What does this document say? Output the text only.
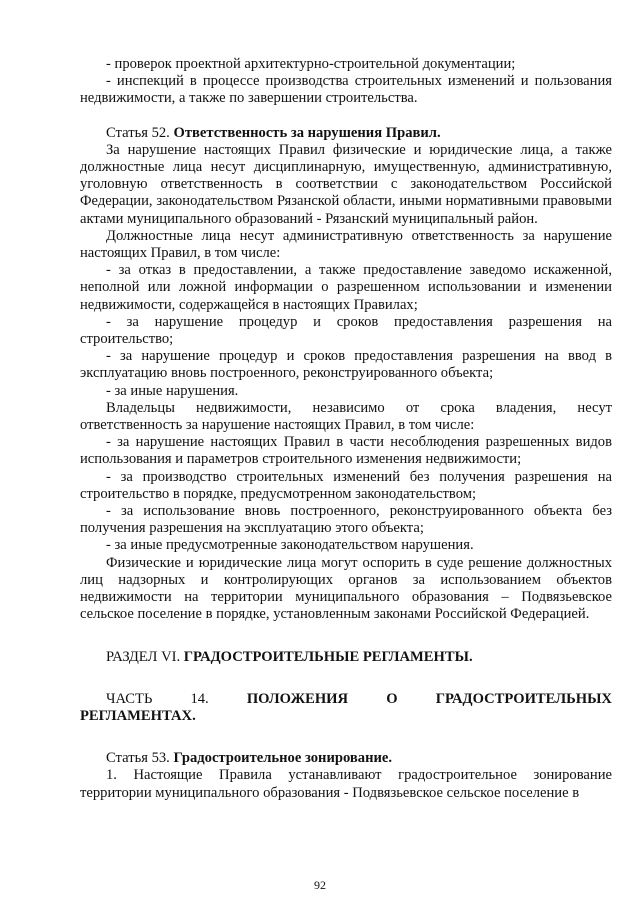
- проверок проектной архитектурно-строительной документации;

- инспекций в процессе производства строительных изменений и пользования недвижимости, а также по завершении строительства.

Статья 52. Ответственность за нарушения Правил.

За нарушение настоящих Правил физические и юридические лица, а также должностные лица несут дисциплинарную, имущественную, административную, уголовную ответственность в соответствии с законодательством Российской Федерации, законодательством Рязанской области, иными нормативными правовыми актами муниципального образований - Рязанский муниципальный район.

Должностные лица несут административную ответственность за нарушение настоящих Правил, в том числе:

- за отказ в предоставлении, а также предоставление заведомо искаженной, неполной или ложной информации о разрешенном использовании и изменении недвижимости, содержащейся в настоящих Правилах;

- за нарушение процедур и сроков предоставления разрешения на строительство;

- за нарушение процедур и сроков предоставления разрешения на ввод в эксплуатацию вновь построенного, реконструированного объекта;

- за иные нарушения.

Владельцы недвижимости, независимо от срока владения, несут ответственность за нарушение настоящих Правил, в том числе:

- за нарушение настоящих Правил в части несоблюдения разрешенных видов использования и параметров строительного изменения недвижимости;

- за производство строительных изменений без получения разрешения на строительство в порядке, предусмотренном законодательством;

- за использование вновь построенного, реконструированного объекта без получения разрешения на эксплуатацию этого объекта;

- за иные предусмотренные законодательством нарушения.

Физические и юридические лица могут оспорить в суде решение должностных лиц надзорных и контролирующих органов за использованием объектов недвижимости на территории муниципального образования – Подвязьевское сельское поселение в порядке, установленным законами Российской Федерацией.

РАЗДЕЛ VI. ГРАДОСТРОИТЕЛЬНЫЕ РЕГЛАМЕНТЫ.

ЧАСТЬ	14.	ПОЛОЖЕНИЯ	О	ГРАДОСТРОИТЕЛЬНЫХ

РЕГЛАМЕНТАХ.

Статья 53. Градостроительное зонирование.

1. Настоящие Правила устанавливают градостроительное зонирование территории муниципального образования - Подвязьевское сельское поселение в

92
